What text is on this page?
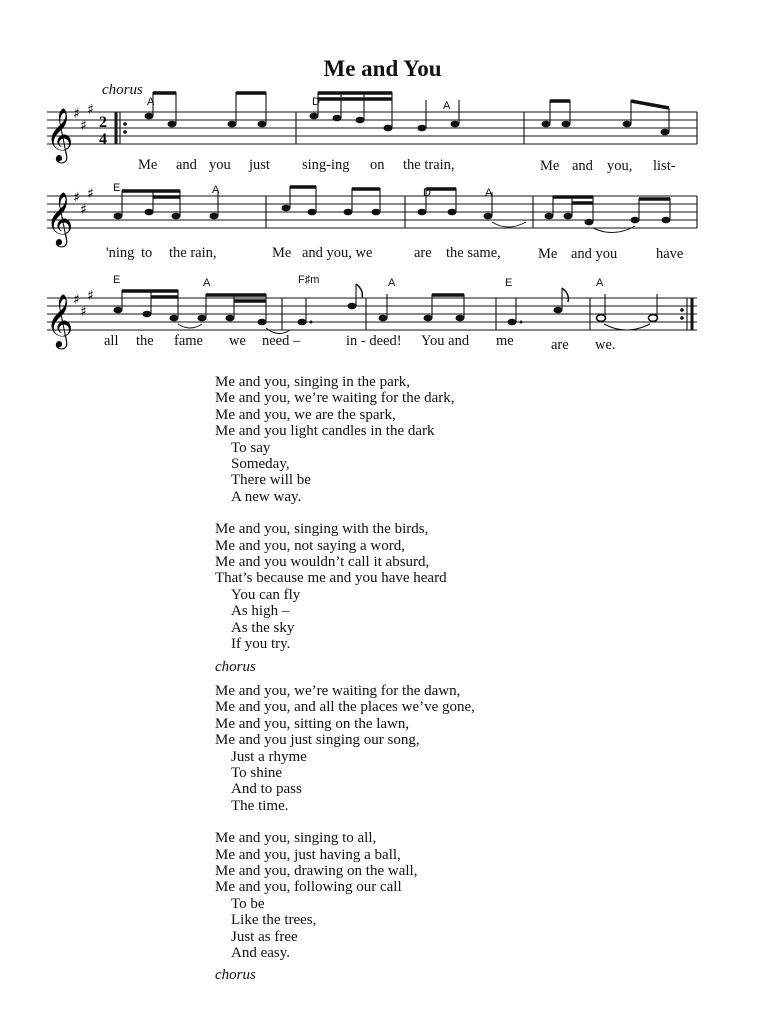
Me and You
chorus
𝄞 ♯
♯
♯
2
4
𝄞 ♯
♯
♯
𝄞 ♯
♯
♯
A	D	A
E	A	D	A
E	A	F♯m	A	E	A
Me and you just sing-ing on the train,	Me and you, list-
'ning to the rain,	Me and you, we	are the same,	Me and you	have
all the fame we need –	in - deed! You and me	are we.
Me and you, singing in the park,
Me and you, we’re waiting for the dark,
Me and you, we are the spark,
Me and you light candles in the dark
To say
Someday,
There will be
A new way.
Me and you, singing with the birds,
Me and you, not saying a word,
Me and you wouldn’t call it absurd,
That’s because me and you have heard
You can fly
As high –
As the sky
If you try.
chorus
Me and you, we’re waiting for the dawn,
Me and you, and all the places we’ve gone,
Me and you, sitting on the lawn,
Me and you just singing our song,
Just a rhyme
To shine
And to pass
The time.
Me and you, singing to all,
Me and you, just having a ball,
Me and you, drawing on the wall,
Me and you, following our call
To be
Like the trees,
Just as free
And easy.
chorus
